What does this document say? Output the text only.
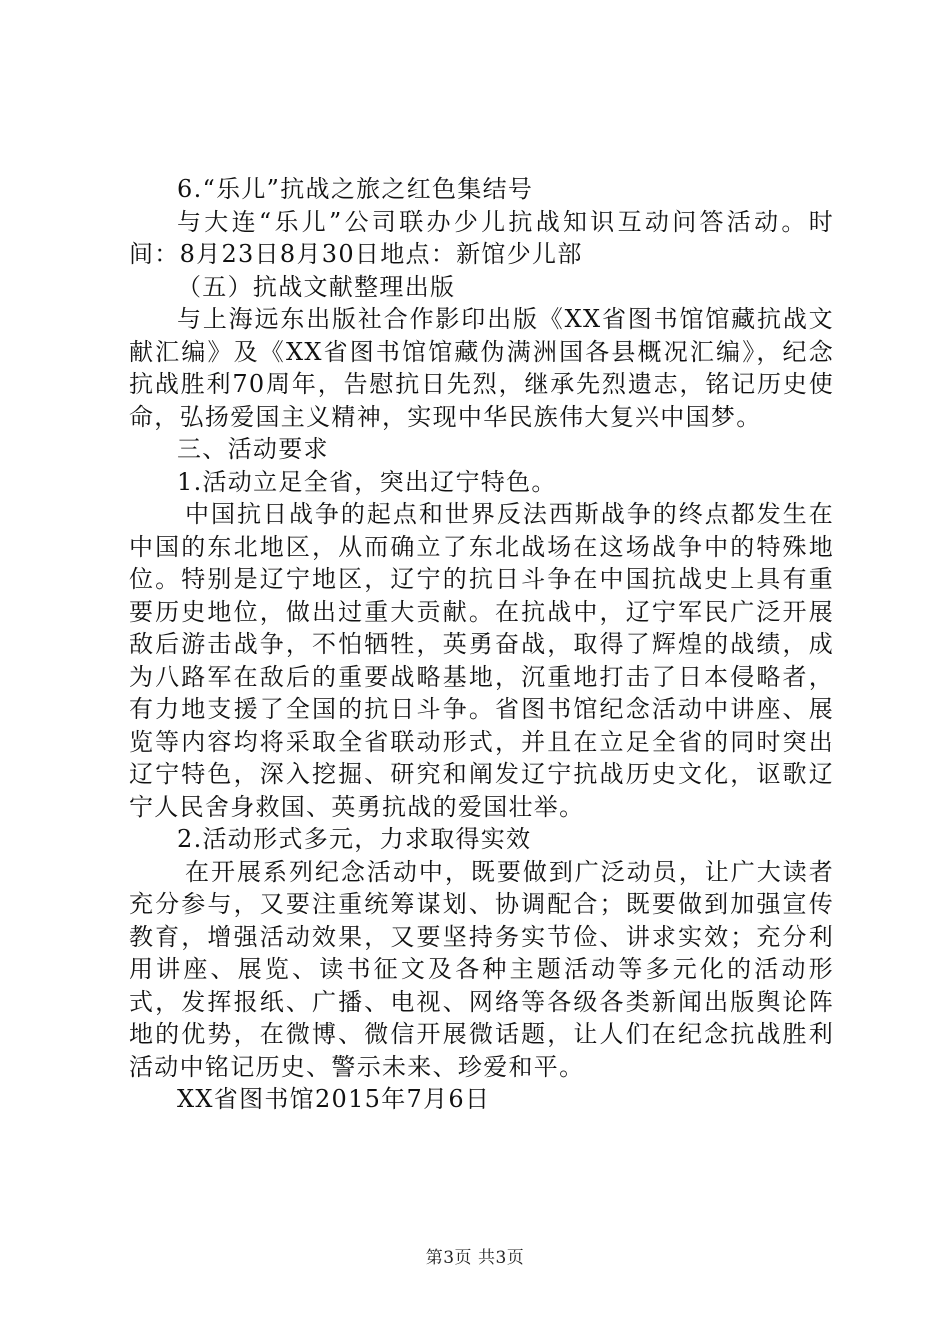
6.“乐儿”抗战之旅之红色集结号

与大连“乐儿”公司联办少儿抗战知识互动问答活动。时间：8月23日8月30日地点：新馆少儿部

（五）抗战文献整理出版

与上海远东出版社合作影印出版《XX省图书馆馆藏抗战文献汇编》及《XX省图书馆馆藏伪满洲国各县概况汇编》，纪念抗战胜利70周年，告慰抗日先烈，继承先烈遗志，铭记历史使命，弘扬爱国主义精神，实现中华民族伟大复兴中国梦。

三、活动要求

1.活动立足全省，突出辽宁特色。

中国抗日战争的起点和世界反法西斯战争的终点都发生在中国的东北地区，从而确立了东北战场在这场战争中的特殊地位。特别是辽宁地区，辽宁的抗日斗争在中国抗战史上具有重要历史地位，做出过重大贡献。在抗战中，辽宁军民广泛开展敌后游击战争，不怕牺牲，英勇奋战，取得了辉煌的战绩，成为八路军在敌后的重要战略基地，沉重地打击了日本侵略者，有力地支援了全国的抗日斗争。省图书馆纪念活动中讲座、展览等内容均将采取全省联动形式，并且在立足全省的同时突出辽宁特色，深入挖掘、研究和阐发辽宁抗战历史文化，讴歌辽宁人民舍身救国、英勇抗战的爱国壮举。

2.活动形式多元，力求取得实效

在开展系列纪念活动中，既要做到广泛动员，让广大读者充分参与，又要注重统筹谋划、协调配合；既要做到加强宣传教育，增强活动效果，又要坚持务实节俭、讲求实效；充分利用讲座、展览、读书征文及各种主题活动等多元化的活动形式，发挥报纸、广播、电视、网络等各级各类新闻出版舆论阵地的优势，在微博、微信开展微话题，让人们在纪念抗战胜利活动中铭记历史、警示未来、珍爱和平。

XX省图书馆2015年7月6日

第3页 共3页
